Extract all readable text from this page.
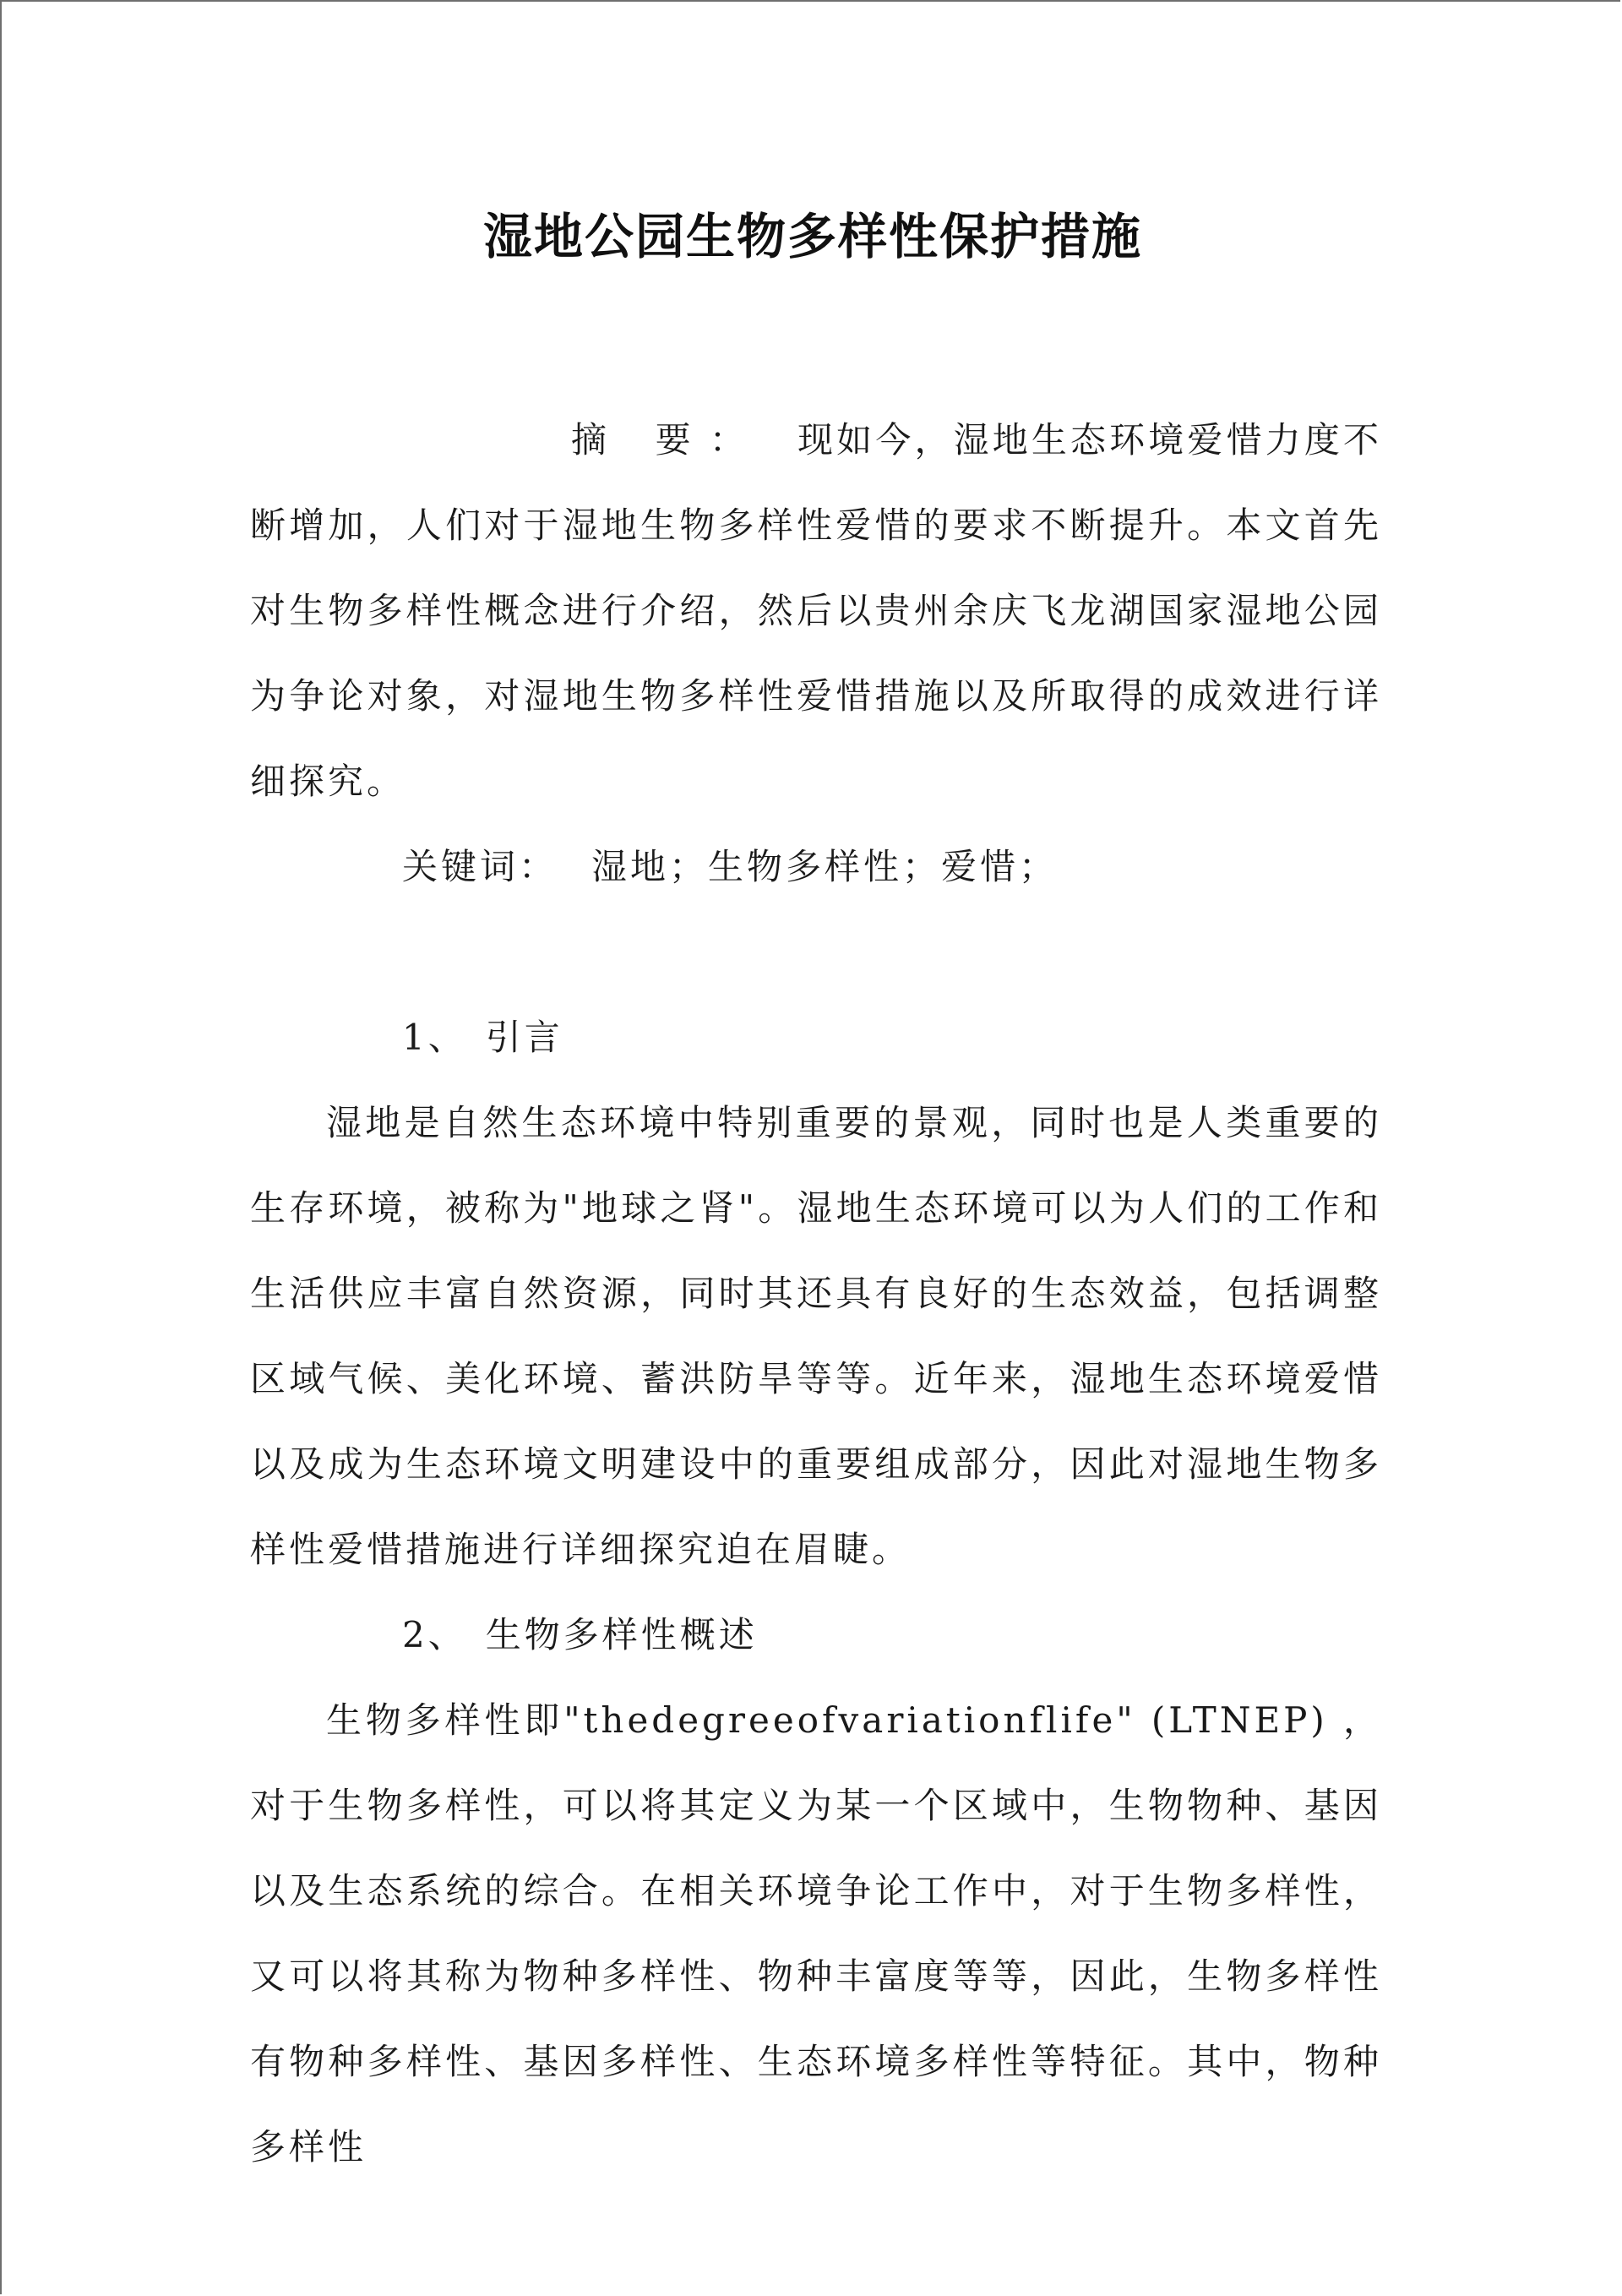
湿地公园生物多样性保护措施

摘 要： 现如今，湿地生态环境爱惜力度不断增加，人们对于湿地生物多样性爱惜的要求不断提升。本文首先对生物多样性概念进行介绍，然后以贵州余庆飞龙湖国家湿地公园为争论对象，对湿地生物多样性爱惜措施以及所取得的成效进行详细探究。

关键词： 湿地；生物多样性；爱惜；

1、 引言

湿地是自然生态环境中特别重要的景观，同时也是人类重要的生存环境，被称为"地球之肾"。湿地生态环境可以为人们的工作和生活供应丰富自然资源，同时其还具有良好的生态效益，包括调整区域气候、美化环境、蓄洪防旱等等。近年来，湿地生态环境爱惜以及成为生态环境文明建设中的重要组成部分，因此对湿地生物多样性爱惜措施进行详细探究迫在眉睫。

2、 生物多样性概述

生物多样性即"thedegreeofvariationflife" (LTNEP) ，对于生物多样性，可以将其定义为某一个区域中，生物物种、基因以及生态系统的综合。在相关环境争论工作中，对于生物多样性，又可以将其称为物种多样性、物种丰富度等等，因此，生物多样性有物种多样性、基因多样性、生态环境多样性等特征。其中，物种多样性
